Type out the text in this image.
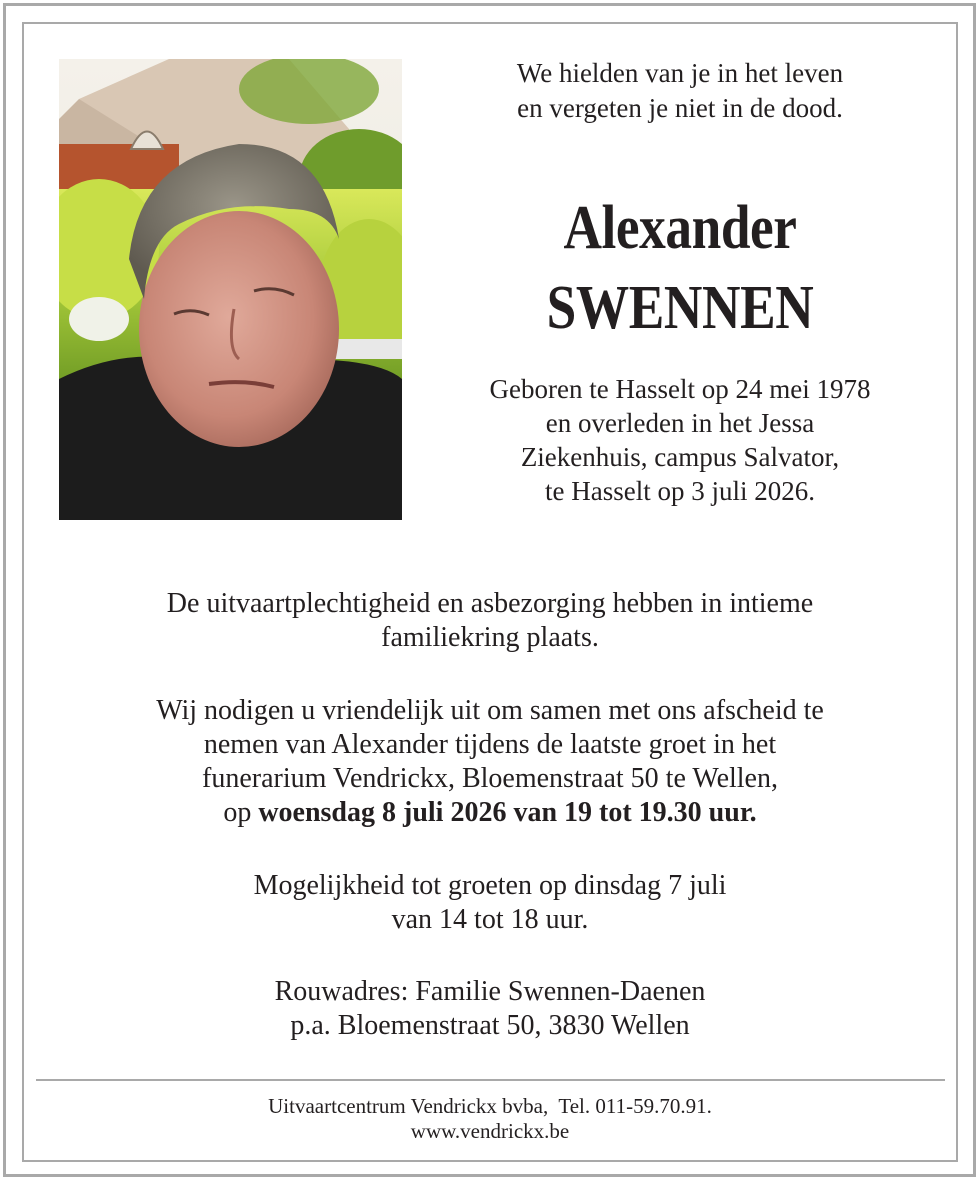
We hielden van je in het leven
en vergeten je niet in de dood.
Alexander
SWENNEN
Geboren te Hasselt op 24 mei 1978
en overleden in het Jessa
Ziekenhuis, campus Salvator,
te Hasselt op 3 juli 2026.
De uitvaartplechtigheid en asbezorging hebben in intieme
familiekring plaats.
Wij nodigen u vriendelijk uit om samen met ons afscheid te
nemen van Alexander tijdens de laatste groet in het
funerarium Vendrickx, Bloemenstraat 50 te Wellen,
op woensdag 8 juli 2026 van 19 tot 19.30 uur.
Mogelijkheid tot groeten op dinsdag 7 juli
van 14 tot 18 uur.
Rouwadres: Familie Swennen-Daenen
p.a. Bloemenstraat 50, 3830 Wellen
Uitvaartcentrum Vendrickx bvba,  Tel. 011-59.70.91.
www.vendrickx.be
